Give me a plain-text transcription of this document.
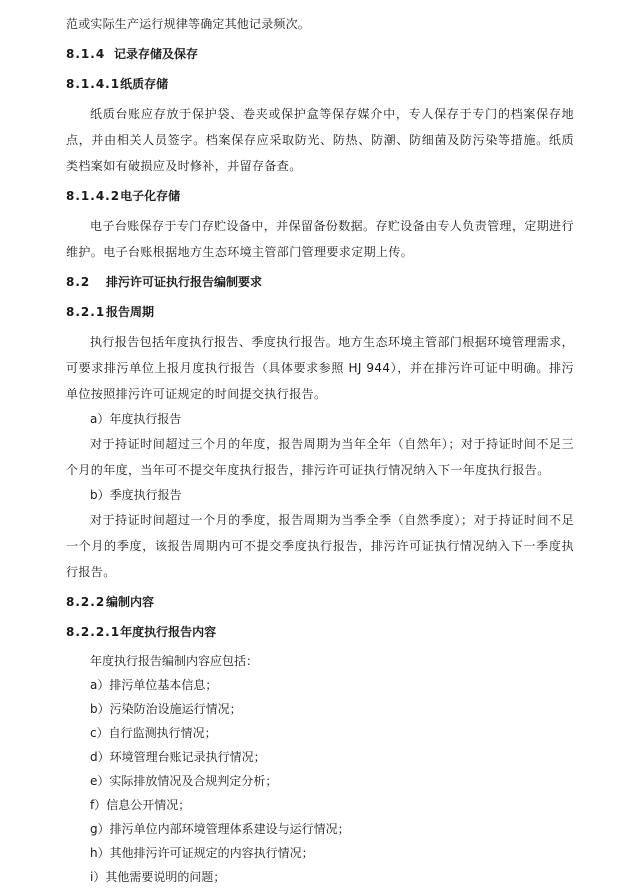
范或实际生产运行规律等确定其他记录频次。
8.1.4 记录存储及保存
8.1.4.1纸质存储
纸质台账应存放于保护袋、卷夹或保护盒等保存媒介中，专人保存于专门的档案保存地点，并由相关人员签字。档案保存应采取防光、防热、防潮、防细菌及防污染等措施。纸质类档案如有破损应及时修补，并留存备查。
8.1.4.2电子化存储
电子台账保存于专门存贮设备中，并保留备份数据。存贮设备由专人负责管理，定期进行维护。电子台账根据地方生态环境主管部门管理要求定期上传。
8.2 排污许可证执行报告编制要求
8.2.1报告周期
执行报告包括年度执行报告、季度执行报告。地方生态环境主管部门根据环境管理需求，可要求排污单位上报月度执行报告（具体要求参照 HJ 944），并在排污许可证中明确。排污单位按照排污许可证规定的时间提交执行报告。
a）年度执行报告
对于持证时间超过三个月的年度，报告周期为当年全年（自然年）；对于持证时间不足三个月的年度，当年可不提交年度执行报告，排污许可证执行情况纳入下一年度执行报告。
b）季度执行报告
对于持证时间超过一个月的季度，报告周期为当季全季（自然季度）；对于持证时间不足一个月的季度，该报告周期内可不提交季度执行报告，排污许可证执行情况纳入下一季度执行报告。
8.2.2编制内容
8.2.2.1年度执行报告内容
年度执行报告编制内容应包括：
a）排污单位基本信息；
b）污染防治设施运行情况；
c）自行监测执行情况；
d）环境管理台账记录执行情况；
e）实际排放情况及合规判定分析；
f）信息公开情况；
g）排污单位内部环境管理体系建设与运行情况；
h）其他排污许可证规定的内容执行情况；
i）其他需要说明的问题；
